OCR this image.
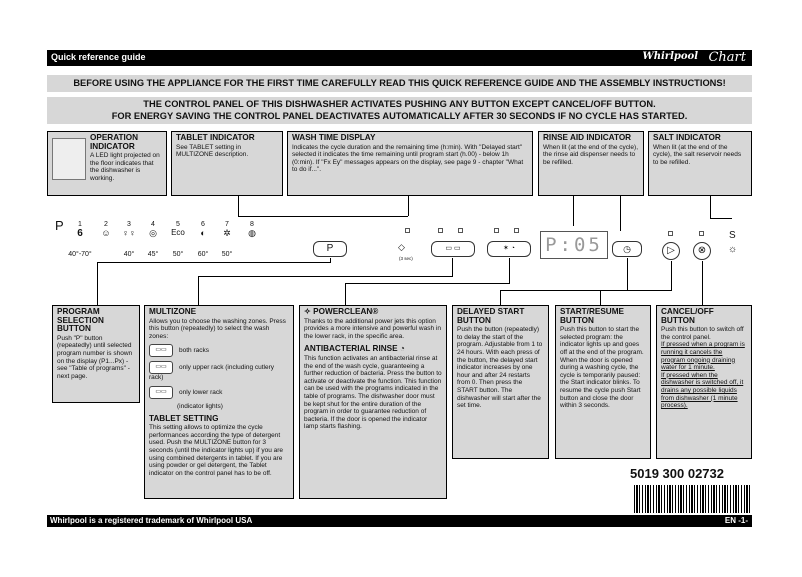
Quick reference guide	Whirlpool Chart
BEFORE USING THE APPLIANCE FOR THE FIRST TIME CAREFULLY READ THIS QUICK REFERENCE GUIDE AND THE ASSEMBLY INSTRUCTIONS!
THE CONTROL PANEL OF THIS DISHWASHER ACTIVATES PUSHING ANY BUTTON EXCEPT CANCEL/OFF BUTTON.
FOR ENERGY SAVING THE CONTROL PANEL DEACTIVATES AUTOMATICALLY AFTER 30 SECONDS IF NO CYCLE HAS STARTED.
OPERATION INDICATOR

A LED light projected on the floor indicates that the dishwasher is working.

TABLET INDICATOR

See TABLET setting in MULTIZONE description.

WASH TIME DISPLAY

Indicates the cycle duration and the remaining time (h:min). With "Delayed start" selected it indicates the time remaining until program start (h.00) - below 1h (0:min). If "Fx Ey" messages appears on the display, see page 9 - chapter "What to do if...".

RINSE AID INDICATOR

When lit (at the end of the cycle), the rinse aid dispenser needs to be refilled.

SALT INDICATOR

When lit (at the end of the cycle), the salt reservoir needs to be refilled.

P	1
6
40°-70°
2
☺
3
♀♀
40°
4
◎
45°
5
Eco
50°
6
◐
60°
7
✲
50°
8
◍
P	◇
(3 sec)
▭ ▭	✶ ◔	P:05	◷	▷	⊗
S
☼
PROGRAM SELECTION BUTTON

Push "P" button (repeatedly) until selected program number is shown on the display (P1...Px) - see "Table of programs" - next page.

MULTIZONE

Allows you to choose the washing zones. Press this button (repeatedly) to select the wash zones:

▭▭ both racks
▭▭ only upper rack (including cutlery rack)
▭▭ only lower rack
(indicator lights)
TABLET SETTING

This setting allows to optimize the cycle performances according the type of detergent used. Push the MULTIZONE button for 3 seconds (until the indicator lights up) if you are using combined detergents in tablet. If you are using powder or gel detergent, the Tablet indicator on the control panel has to be off.

✧ POWERCLEAN®

Thanks to the additional power jets this option provides a more intensive and powerful wash in the lower rack, in the specific area.

ANTIBACTERIAL RINSE ◔

This function activates an antibacterial rinse at the end of the wash cycle, guaranteeing a further reduction of bacteria. Press the button to activate or deactivate the function. This function can be used with the programs indicated in the table of programs. The dishwasher door must be kept shut for the entire duration of the program in order to guarantee reduction of bacteria. If the door is opened the indicator lamp starts flashing.

DELAYED START BUTTON

Push the button (repeatedly) to delay the start of the program. Adjustable from 1 to 24 hours. With each press of the button, the delayed start indicator increases by one hour and after 24 restarts from 0. Then press the START button. The dishwasher will start after the set time.

START/RESUME BUTTON

Push this button to start the selected program: the indicator lights up and goes off at the end of the program. When the door is opened during a washing cycle, the cycle is temporarily paused: the Start indicator blinks. To resume the cycle push Start button and close the door within 3 seconds.

CANCEL/OFF BUTTON

Push this button to switch off the control panel.

If pressed when a program is running it cancels the program ongoing draining water for 1 minute.

If pressed when the dishwasher is switched off, it drains any possible liquids from dishwasher (1 minute process).

5019 300 02732
Whirlpool is a registered trademark of Whirlpool USA	EN -1-
